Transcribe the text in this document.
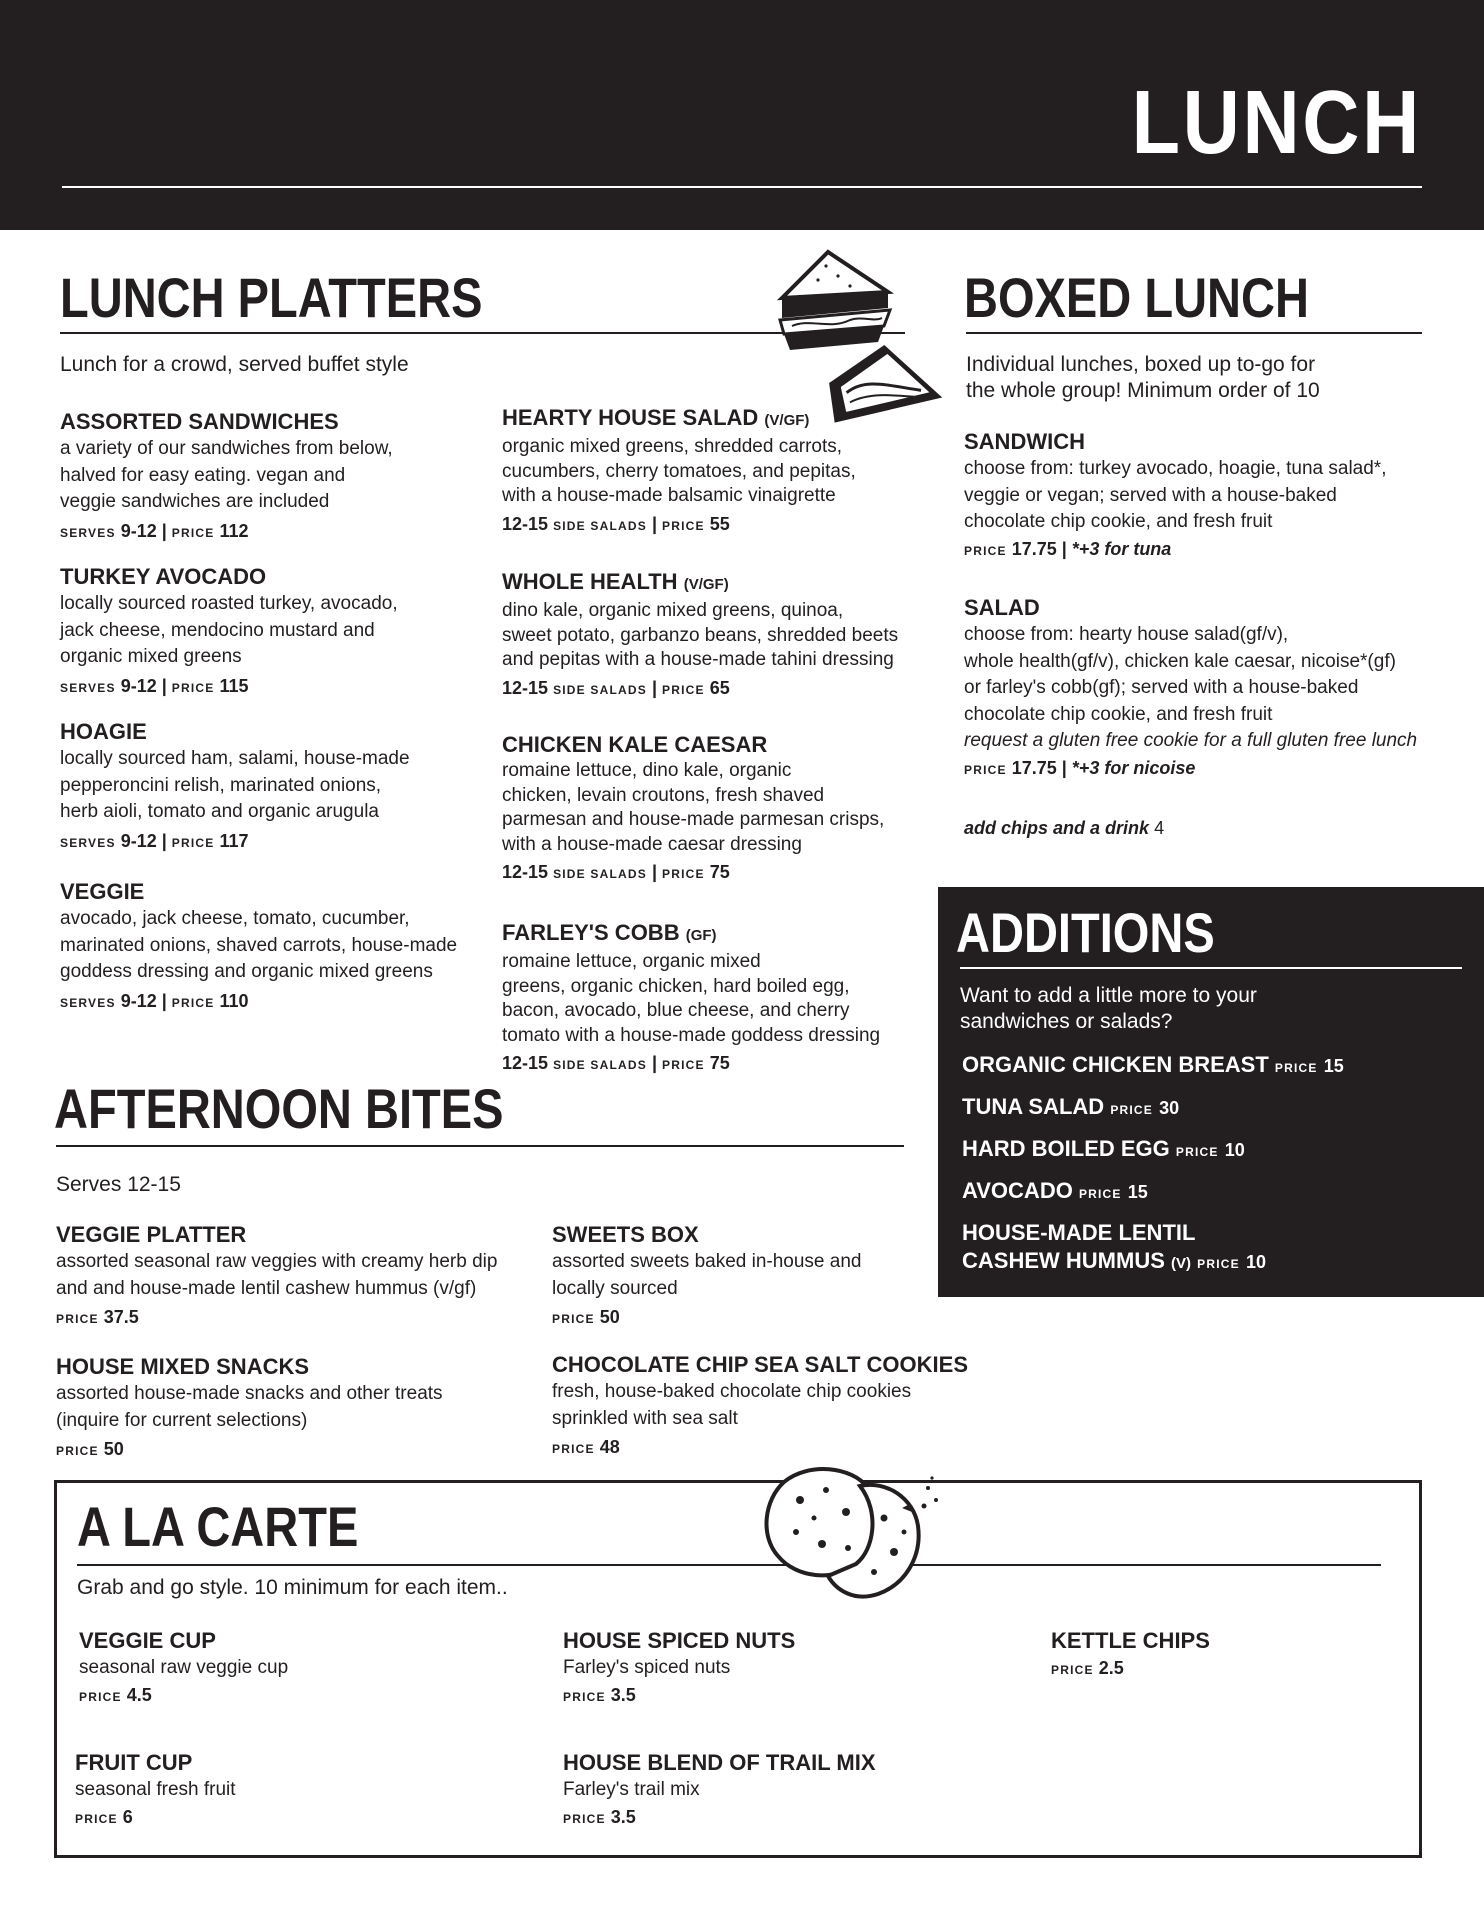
LUNCH
LUNCH PLATTERS
Lunch for a crowd, served buffet style
ASSORTED SANDWICHES
a variety of our sandwiches from below,
halved for easy eating. vegan and
veggie sandwiches are included
SERVES 9-12 | PRICE 112
TURKEY AVOCADO
locally sourced roasted turkey, avocado,
jack cheese, mendocino mustard and
organic mixed greens
SERVES 9-12 | PRICE 115
HOAGIE
locally sourced ham, salami, house-made
pepperoncini relish, marinated onions,
herb aioli, tomato and organic arugula
SERVES 9-12 | PRICE 117
VEGGIE
avocado, jack cheese, tomato, cucumber,
marinated onions, shaved carrots, house-made
goddess dressing and organic mixed greens
SERVES 9-12 | PRICE 110
HEARTY HOUSE SALAD (V/GF)
organic mixed greens, shredded carrots,
cucumbers, cherry tomatoes, and pepitas,
with a house-made balsamic vinaigrette
12-15 SIDE SALADS | PRICE 55
WHOLE HEALTH (V/GF)
dino kale, organic mixed greens, quinoa,
sweet potato, garbanzo beans, shredded beets
and pepitas with a house-made tahini dressing
12-15 SIDE SALADS | PRICE 65
CHICKEN KALE CAESAR
romaine lettuce, dino kale, organic
chicken, levain croutons, fresh shaved
parmesan and house-made parmesan crisps,
with a house-made caesar dressing
12-15 SIDE SALADS | PRICE 75
FARLEY'S COBB (GF)
romaine lettuce, organic mixed
greens, organic chicken, hard boiled egg,
bacon, avocado, blue cheese, and cherry
tomato with a house-made goddess dressing
12-15 SIDE SALADS | PRICE 75
BOXED LUNCH
Individual lunches, boxed up to-go for
the whole group! Minimum order of 10
SANDWICH
choose from: turkey avocado, hoagie, tuna salad*,
veggie or vegan; served with a house-baked
chocolate chip cookie, and fresh fruit
PRICE 17.75 | *+3 for tuna
SALAD
choose from: hearty house salad(gf/v),
whole health(gf/v), chicken kale caesar, nicoise*(gf)
or farley's cobb(gf); served with a house-baked
chocolate chip cookie, and fresh fruit
request a gluten free cookie for a full gluten free lunch
PRICE 17.75 | *+3 for nicoise
add chips and a drink 4
ADDITIONS
Want to add a little more to your
sandwiches or salads?
ORGANIC CHICKEN BREAST PRICE 15
TUNA SALAD PRICE 30
HARD BOILED EGG PRICE 10
AVOCADO PRICE 15
HOUSE-MADE LENTIL
CASHEW HUMMUS (V) PRICE 10
AFTERNOON BITES
Serves 12-15
VEGGIE PLATTER
assorted seasonal raw veggies with creamy herb dip
and and house-made lentil cashew hummus (v/gf)
PRICE 37.5
HOUSE MIXED SNACKS
assorted house-made snacks and other treats
(inquire for current selections)
PRICE 50
SWEETS BOX
assorted sweets baked in-house and
locally sourced
PRICE 50
CHOCOLATE CHIP SEA SALT COOKIES
fresh, house-baked chocolate chip cookies
sprinkled with sea salt
PRICE 48
A LA CARTE
Grab and go style. 10 minimum for each item..
VEGGIE CUP
seasonal raw veggie cup
PRICE 4.5
HOUSE SPICED NUTS
Farley's spiced nuts
PRICE 3.5
KETTLE CHIPS
PRICE 2.5
FRUIT CUP
seasonal fresh fruit
PRICE 6
HOUSE BLEND OF TRAIL MIX
Farley's trail mix
PRICE 3.5
